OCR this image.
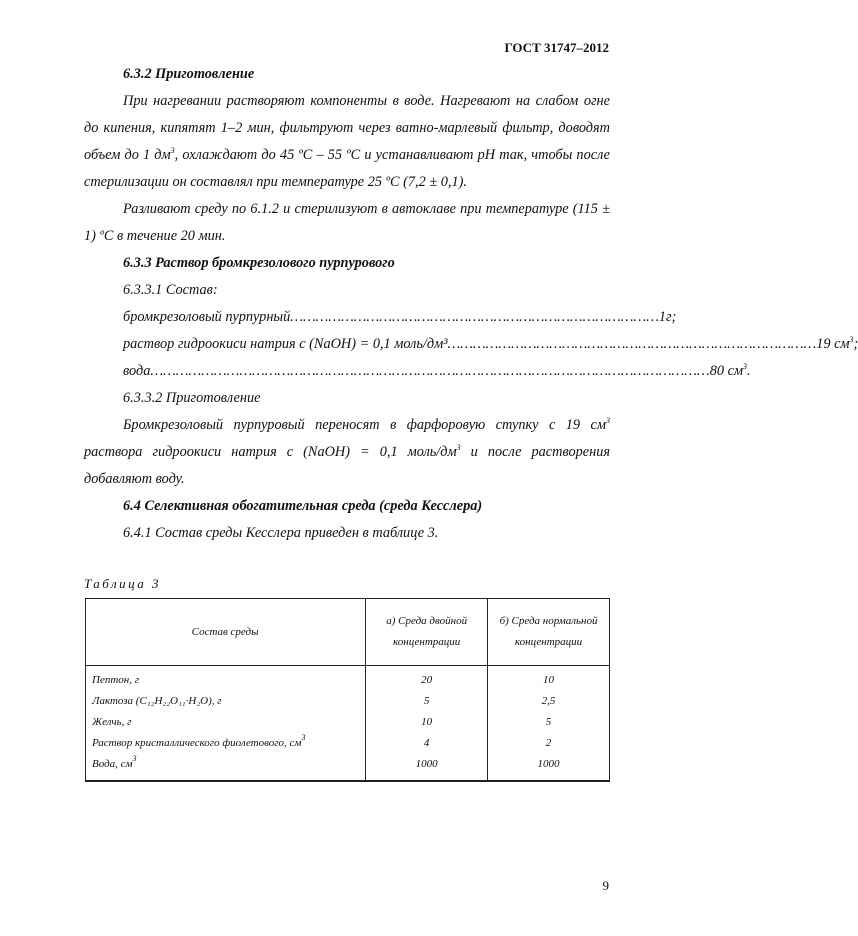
ГОСТ 31747–2012

6.3.2 Приготовление

При нагревании растворяют компоненты в воде. Нагревают на слабом огне до кипения, кипятят 1–2 мин, фильтруют через ватно-марлевый фильтр, доводят объем до 1 $дм^3$, охлаждают до 45 ºC – 55 ºC и устанавливают pH так, чтобы после стерилизации он составлял при температуре 25 ºC (7,2 ± 0,1).

Разливают среду по 6.1.2 и стерилизуют в автоклаве при температуре (115 ± 1) ºC в течение 20 мин.

6.3.3 Раствор бромкрезолового пурпурового

6.3.3.1 Состав:

бромкрезоловый пурпурный …………………………………………………………………………… 1г;
раствор гидроокиси натрия с (NaOH) = 0,1 моль/дм³ …………………………………………………………………………… 19 $см^3$;
вода …………………………………………………………………………………………………………………… 80 $см^3$.

6.3.3.2 Приготовление

Бромкрезоловый пурпуровый переносят в фарфоровую ступку с 19 $см^3$ раствора гидроокиси натрия с (NaOH) = 0,1 моль/$дм^3$ и после растворения добавляют воду.

6.4 Селективная обогатительная среда (среда Кесслера)

6.4.1 Состав среды Кесслера приведен в таблице 3.

Таблица 3
Состав среды	а) Среда двойной концентрации	б) Среда нормальной концентрации
Пептон, г	20	10
Лактоза (C₁₂H₂₂O₁₁·H₂O), г	5	2,5
Желчь, г	10	5
Раствор кристаллического фиолетового, $см^3$	4	2
Вода, $см^3$	1000	1000
9
